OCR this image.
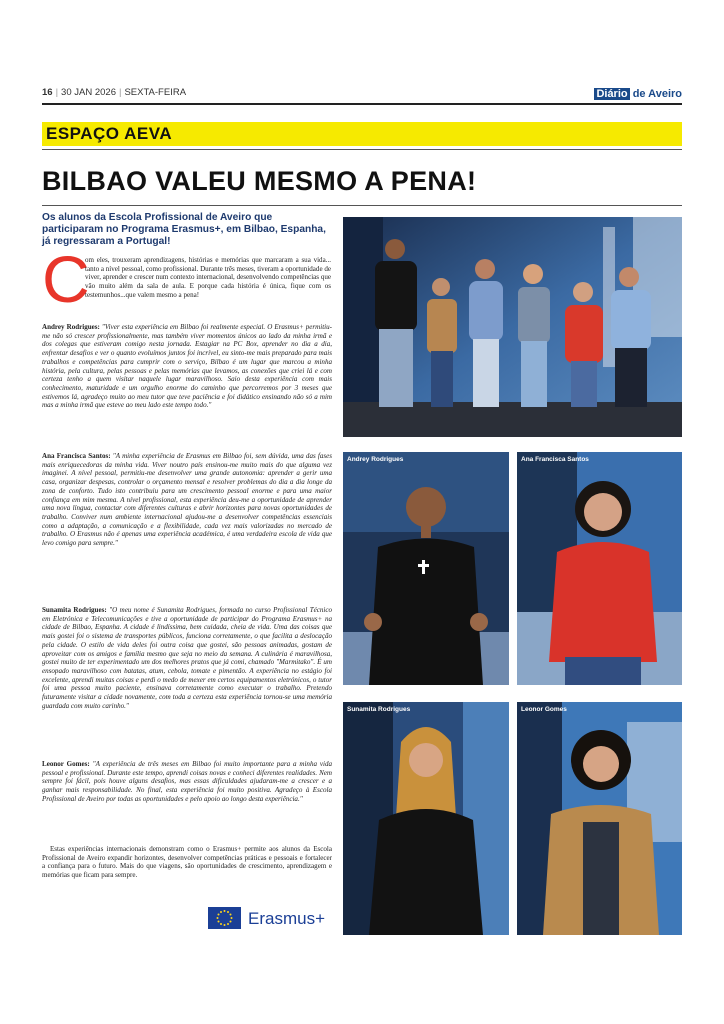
16 | 30 JAN 2026 | SEXTA-FEIRA	Diário de Aveiro
ESPAÇO AEVA
BILBAO VALEU MESMO A PENA!
Os alunos da Escola Profissional de Aveiro que participaram no Programa Erasmus+, em Bilbao, Espanha, já regressaram a Portugal!
C

om eles, trouxeram aprendizagens, histórias e memórias que marcaram a sua vida... tanto a nível pessoal, como profissional. Durante três meses, tiveram a oportunidade de viver, aprender e crescer num contexto internacional, desenvolvendo competências que vão muito além da sala de aula. E porque cada história é única, fique com os testemunhos...que valem mesmo a pena!

Andrey Rodrigues: "Viver esta experiência em Bilbao foi realmente especial. O Erasmus+ permitiu-me não só crescer profissionalmente, mas também viver momentos únicos ao lado da minha irmã e dos colegas que estiveram comigo nesta jornada. Estagiar na PC Box, aprender no dia a dia, enfrentar desafios e ver o quanto evoluímos juntos foi incrível, eu sinto-me mais preparado para mais trabalhos e competências para cumprir com o serviço, Bilbao é um lugar que marcou a minha história, pela cultura, pelas pessoas e pelas memórias que levamos, as conexões que criei lá e com certeza tenho a quem visitar naquele lugar maravilhoso. Saio desta experiência com mais conhecimento, maturidade e um orgulho enorme do caminho que percorremos por 3 meses que estivemos lá, agradeço muito ao meu tutor que teve paciência e foi didático ensinando não só a mim mas a minha irmã que esteve ao meu lado este tempo todo."

Ana Francisca Santos: "A minha experiência de Erasmus em Bilbao foi, sem dúvida, uma das fases mais enriquecedoras da minha vida. Viver noutro país ensinou-me muito mais do que alguma vez imaginei. A nível pessoal, permitiu-me desenvolver uma grande autonomia: aprender a gerir uma casa, organizar despesas, controlar o orçamento mensal e resolver problemas do dia a dia longe da zona de conforto. Tudo isto contribuiu para um crescimento pessoal enorme e para uma maior confiança em mim mesma. A nível profissional, esta experiência deu-me a oportunidade de aprender uma nova língua, contactar com diferentes culturas e abrir horizontes para novas oportunidades de trabalho. Conviver num ambiente internacional ajudou-me a desenvolver competências essenciais como a adaptação, a comunicação e a flexibilidade, cada vez mais valorizadas no mercado de trabalho. O Erasmus não é apenas uma experiência académica, é uma verdadeira escola de vida que levo comigo para sempre."

Sunamita Rodrigues: "O meu nome é Sunamita Rodrigues, formada no curso Profissional Técnico em Eletrónica e Telecomunicações e tive a oportunidade de participar do Programa Erasmus+ na cidade de Bilbao, Espanha. A cidade é lindíssima, bem cuidada, cheia de vida. Uma das coisas que mais gostei foi o sistema de transportes públicos, funciona corretamente, o que facilita a deslocação pela cidade. O estilo de vida deles foi outra coisa que gostei, são pessoas animadas, gostam de aproveitar com os amigos e família mesmo que seja no meio da semana. A culinária é maravilhosa, gostei muito de ter experimentado um dos melhores pratos que já comi, chamado "Marmitako". É um ensopado maravilhoso com batatas, atum, cebola, tomate e pimentão. A experiência no estágio foi excelente, aprendi muitas coisas e perdi o medo de mexer em certos equipamentos eletrónicos, o tutor foi uma pessoa muito paciente, ensinava corretamente como executar o trabalho. Pretendo futuramente visitar a cidade novamente, com toda a certeza esta experiência tornou-se uma memória guardada com muito carinho."

Leonor Gomes: "A experiência de três meses em Bilbao foi muito importante para a minha vida pessoal e profissional. Durante este tempo, aprendi coisas novas e conheci diferentes realidades. Nem sempre foi fácil, pois houve alguns desafios, mas essas dificuldades ajudaram-me a crescer e a ganhar mais responsabilidade. No final, esta experiência foi muito positiva. Agradeço à Escola Profissional de Aveiro por todas as oportunidades e pelo apoio ao longo desta experiência."

Estas experiências internacionais demonstram como o Erasmus+ permite aos alunos da Escola Profissional de Aveiro expandir horizontes, desenvolver competências práticas e pessoais e fortalecer a confiança para o futuro. Mais do que viagens, são oportunidades de crescimento, aprendizagem e memórias que ficam para sempre.

Erasmus+
Andrey Rodrigues	Ana Francisca Santos
Sunamita Rodrigues	Leonor Gomes
